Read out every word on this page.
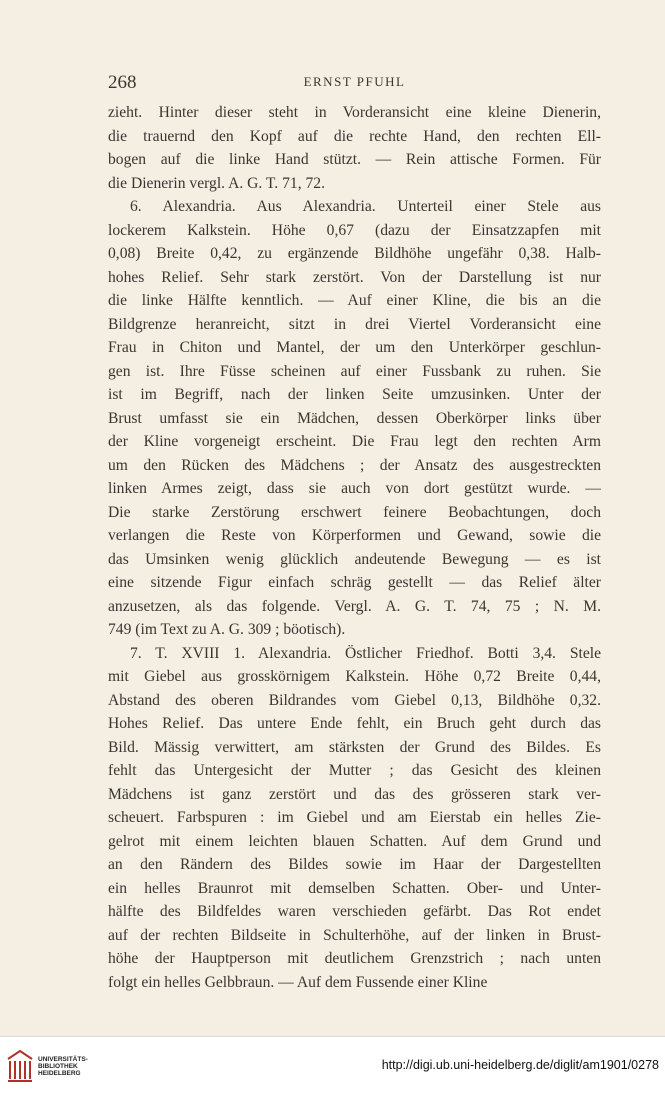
268	ERNST PFUHL
zieht. Hinter dieser steht in Vorderansicht eine kleine Dienerin,
die trauernd den Kopf auf die rechte Hand, den rechten Ell-
bogen auf die linke Hand stützt. — Rein attische Formen. Für
die Dienerin vergl. A. G. T. 71, 72.
6. Alexandria. Aus Alexandria. Unterteil einer Stele aus
lockerem Kalkstein. Höhe 0,67 (dazu der Einsatzzapfen mit
0,08) Breite 0,42, zu ergänzende Bildhöhe ungefähr 0,38. Halb-
hohes Relief. Sehr stark zerstört. Von der Darstellung ist nur
die linke Hälfte kenntlich. — Auf einer Kline, die bis an die
Bildgrenze heranreicht, sitzt in drei Viertel Vorderansicht eine
Frau in Chiton und Mantel, der um den Unterkörper geschlun-
gen ist. Ihre Füsse scheinen auf einer Fussbank zu ruhen. Sie
ist im Begriff, nach der linken Seite umzusinken. Unter der
Brust umfasst sie ein Mädchen, dessen Oberkörper links über
der Kline vorgeneigt erscheint. Die Frau legt den rechten Arm
um den Rücken des Mädchens ; der Ansatz des ausgestreckten
linken Armes zeigt, dass sie auch von dort gestützt wurde. —
Die starke Zerstörung erschwert feinere Beobachtungen, doch
verlangen die Reste von Körperformen und Gewand, sowie die
das Umsinken wenig glücklich andeutende Bewegung — es ist
eine sitzende Figur einfach schräg gestellt — das Relief älter
anzusetzen, als das folgende. Vergl. A. G. T. 74, 75 ; N. M.
749 (im Text zu A. G. 309 ; böotisch).
7. T. XVIII 1. Alexandria. Östlicher Friedhof. Botti 3,4. Stele
mit Giebel aus grosskörnigem Kalkstein. Höhe 0,72 Breite 0,44,
Abstand des oberen Bildrandes vom Giebel 0,13, Bildhöhe 0,32.
Hohes Relief. Das untere Ende fehlt, ein Bruch geht durch das
Bild. Mässig verwittert, am stärksten der Grund des Bildes. Es
fehlt das Untergesicht der Mutter ; das Gesicht des kleinen
Mädchens ist ganz zerstört und das des grösseren stark ver-
scheuert. Farbspuren : im Giebel und am Eierstab ein helles Zie-
gelrot mit einem leichten blauen Schatten. Auf dem Grund und
an den Rändern des Bildes sowie im Haar der Dargestellten
ein helles Braunrot mit demselben Schatten. Ober- und Unter-
hälfte des Bildfeldes waren verschieden gefärbt. Das Rot endet
auf der rechten Bildseite in Schulterhöhe, auf der linken in Brust-
höhe der Hauptperson mit deutlichem Grenzstrich ; nach unten
folgt ein helles Gelbbraun. — Auf dem Fussende einer Kline
UNIVERSITÄTS-
BIBLIOTHEK
HEIDELBERG
http://digi.ub.uni-heidelberg.de/diglit/am1901/0278
